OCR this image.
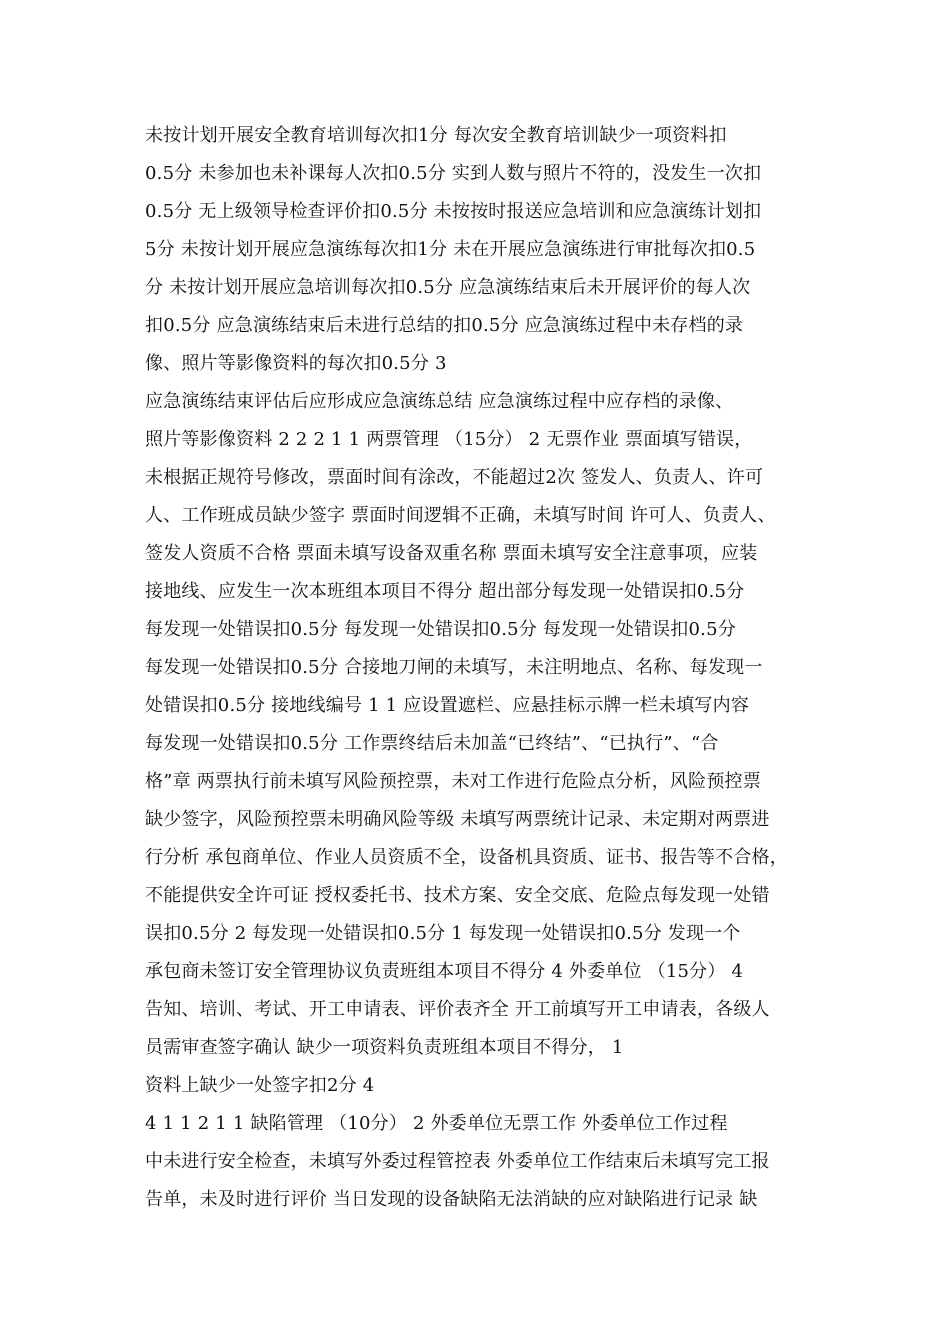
未按计划开展安全教育培训每次扣1分 每次安全教育培训缺少一项资料扣
0.5分 未参加也未补课每人次扣0.5分 实到人数与照片不符的，没发生一次扣
0.5分 无上级领导检查评价扣0.5分 未按按时报送应急培训和应急演练计划扣
5分 未按计划开展应急演练每次扣1分 未在开展应急演练进行审批每次扣0.5
分 未按计划开展应急培训每次扣0.5分 应急演练结束后未开展评价的每人次
扣0.5分 应急演练结束后未进行总结的扣0.5分 应急演练过程中未存档的录
像、照片等影像资料的每次扣0.5分 3
应急演练结束评估后应形成应急演练总结 应急演练过程中应存档的录像、
照片等影像资料 2 2 2 1 1 两票管理 （15分） 2 无票作业 票面填写错误，
未根据正规符号修改，票面时间有涂改，不能超过2次 签发人、负责人、许可
人、工作班成员缺少签字 票面时间逻辑不正确，未填写时间 许可人、负责人、
签发人资质不合格 票面未填写设备双重名称 票面未填写安全注意事项，应装
接地线、应发生一次本班组本项目不得分 超出部分每发现一处错误扣0.5分
每发现一处错误扣0.5分 每发现一处错误扣0.5分 每发现一处错误扣0.5分
每发现一处错误扣0.5分 合接地刀闸的未填写，未注明地点、名称、每发现一
处错误扣0.5分 接地线编号 1 1 应设置遮栏、应悬挂标示牌一栏未填写内容
每发现一处错误扣0.5分 工作票终结后未加盖“已终结”、“已执行”、“合
格”章 两票执行前未填写风险预控票，未对工作进行危险点分析，风险预控票
缺少签字，风险预控票未明确风险等级 未填写两票统计记录、未定期对两票进
行分析 承包商单位、作业人员资质不全，设备机具资质、证书、报告等不合格，
不能提供安全许可证 授权委托书、技术方案、安全交底、危险点每发现一处错
误扣0.5分 2 每发现一处错误扣0.5分 1 每发现一处错误扣0.5分 发现一个
承包商未签订安全管理协议负责班组本项目不得分 4 外委单位 （15分） 4
告知、培训、考试、开工申请表、评价表齐全 开工前填写开工申请表，各级人
员需审查签字确认 缺少一项资料负责班组本项目不得分， 1
资料上缺少一处签字扣2分 4
4 1 1 2 1 1 缺陷管理 （10分） 2 外委单位无票工作 外委单位工作过程
中未进行安全检查，未填写外委过程管控表 外委单位工作结束后未填写完工报
告单，未及时进行评价 当日发现的设备缺陷无法消缺的应对缺陷进行记录 缺
